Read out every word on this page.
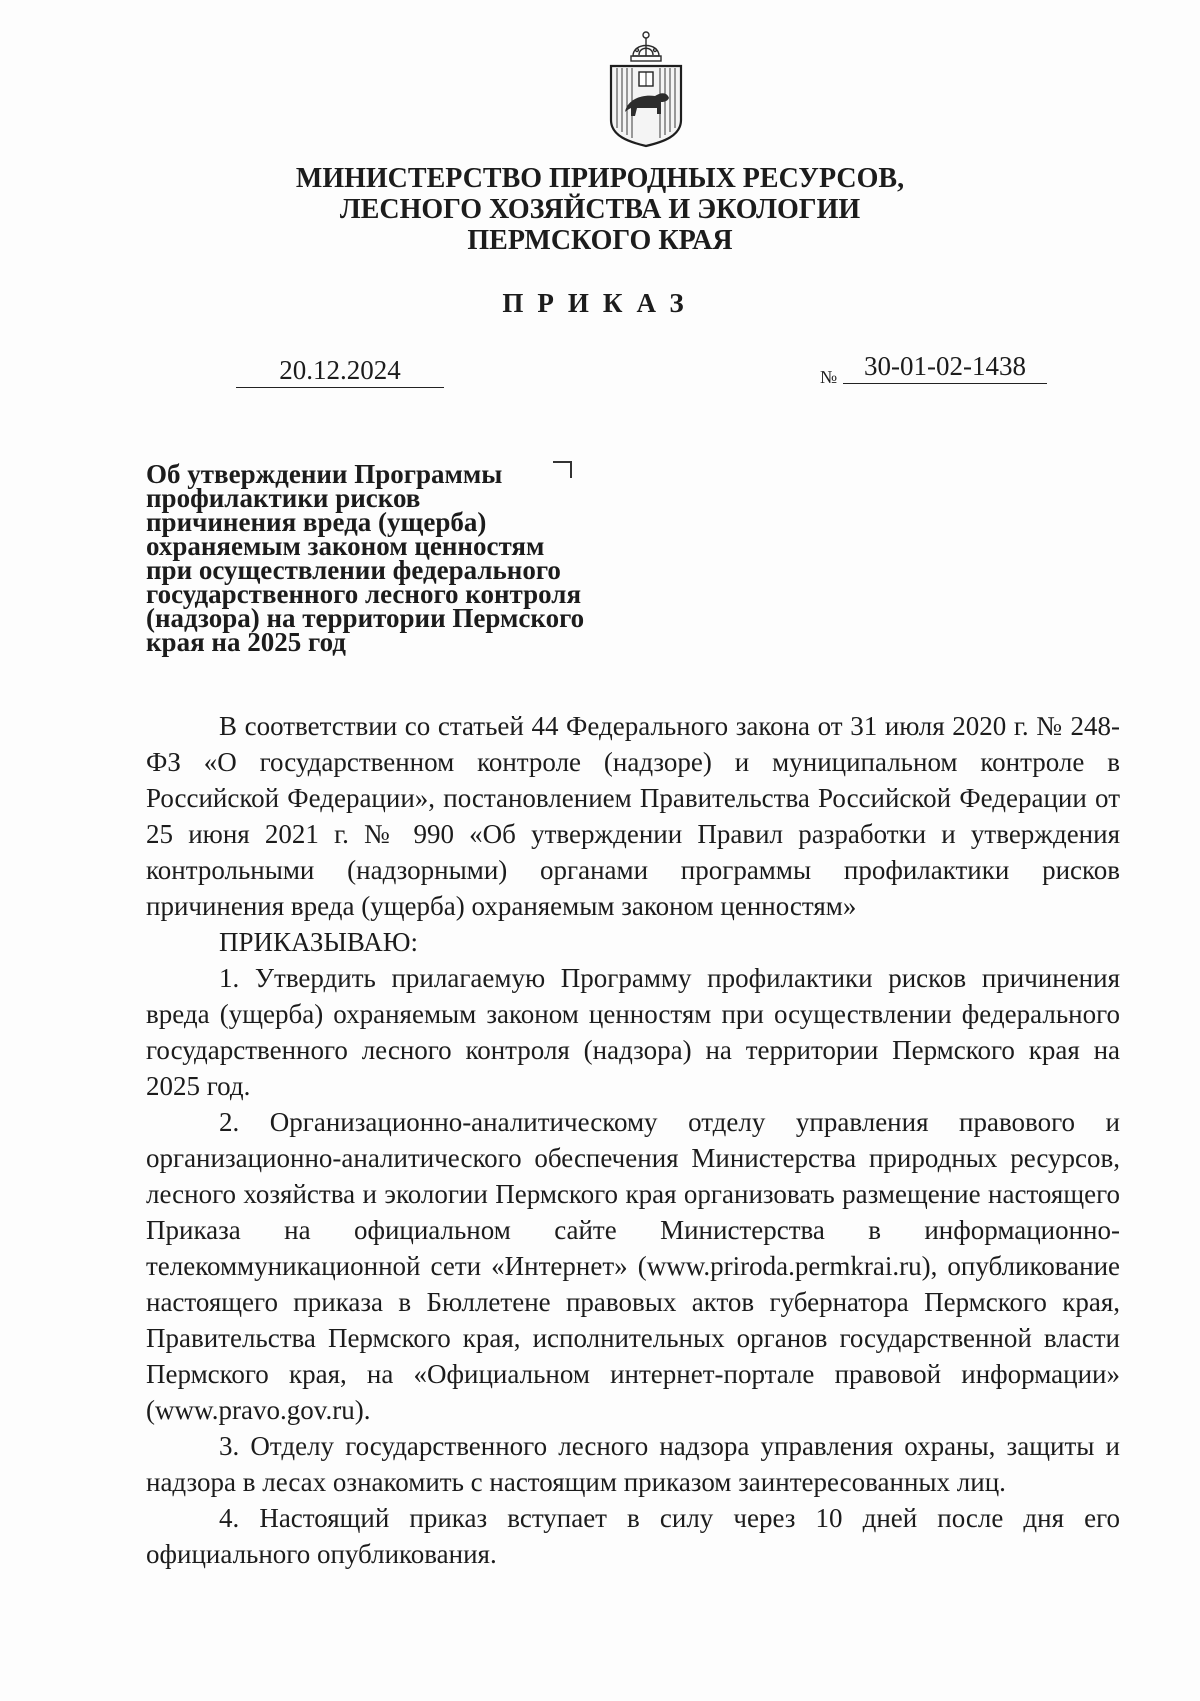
МИНИСТЕРСТВО ПРИРОДНЫХ РЕСУРСОВ,
ЛЕСНОГО ХОЗЯЙСТВА И ЭКОЛОГИИ
ПЕРМСКОГО КРАЯ
ПРИКАЗ
20.12.2024	№ 30-01-02-1438
Об утверждении Программы
профилактики рисков
причинения вреда (ущерба)
охраняемым законом ценностям
при осуществлении федерального
государственного лесного контроля
(надзора) на территории Пермского
края на 2025 год

В соответствии со статьей 44 Федерального закона от 31 июля 2020 г. № 248-ФЗ «О государственном контроле (надзоре) и муниципальном контроле в Российской Федерации», постановлением Правительства Российской Федерации от 25 июня 2021 г. № 990 «Об утверждении Правил разработки и утверждения контрольными (надзорными) органами программы профилактики рисков причинения вреда (ущерба) охраняемым законом ценностям»

ПРИКАЗЫВАЮ:

1. Утвердить прилагаемую Программу профилактики рисков причинения вреда (ущерба) охраняемым законом ценностям при осуществлении федерального государственного лесного контроля (надзора) на территории Пермского края на 2025 год.

2. Организационно-аналитическому отделу управления правового и организационно-аналитического обеспечения Министерства природных ресурсов, лесного хозяйства и экологии Пермского края организовать размещение настоящего Приказа на официальном сайте Министерства в информационно-телекоммуникационной сети «Интернет» (www.priroda.permkrai.ru), опубликование настоящего приказа в Бюллетене правовых актов губернатора Пермского края, Правительства Пермского края, исполнительных органов государственной власти Пермского края, на «Официальном интернет-портале правовой информации» (www.pravo.gov.ru).

3. Отделу государственного лесного надзора управления охраны, защиты и надзора в лесах ознакомить с настоящим приказом заинтересованных лиц.

4. Настоящий приказ вступает в силу через 10 дней после дня его официального опубликования.
